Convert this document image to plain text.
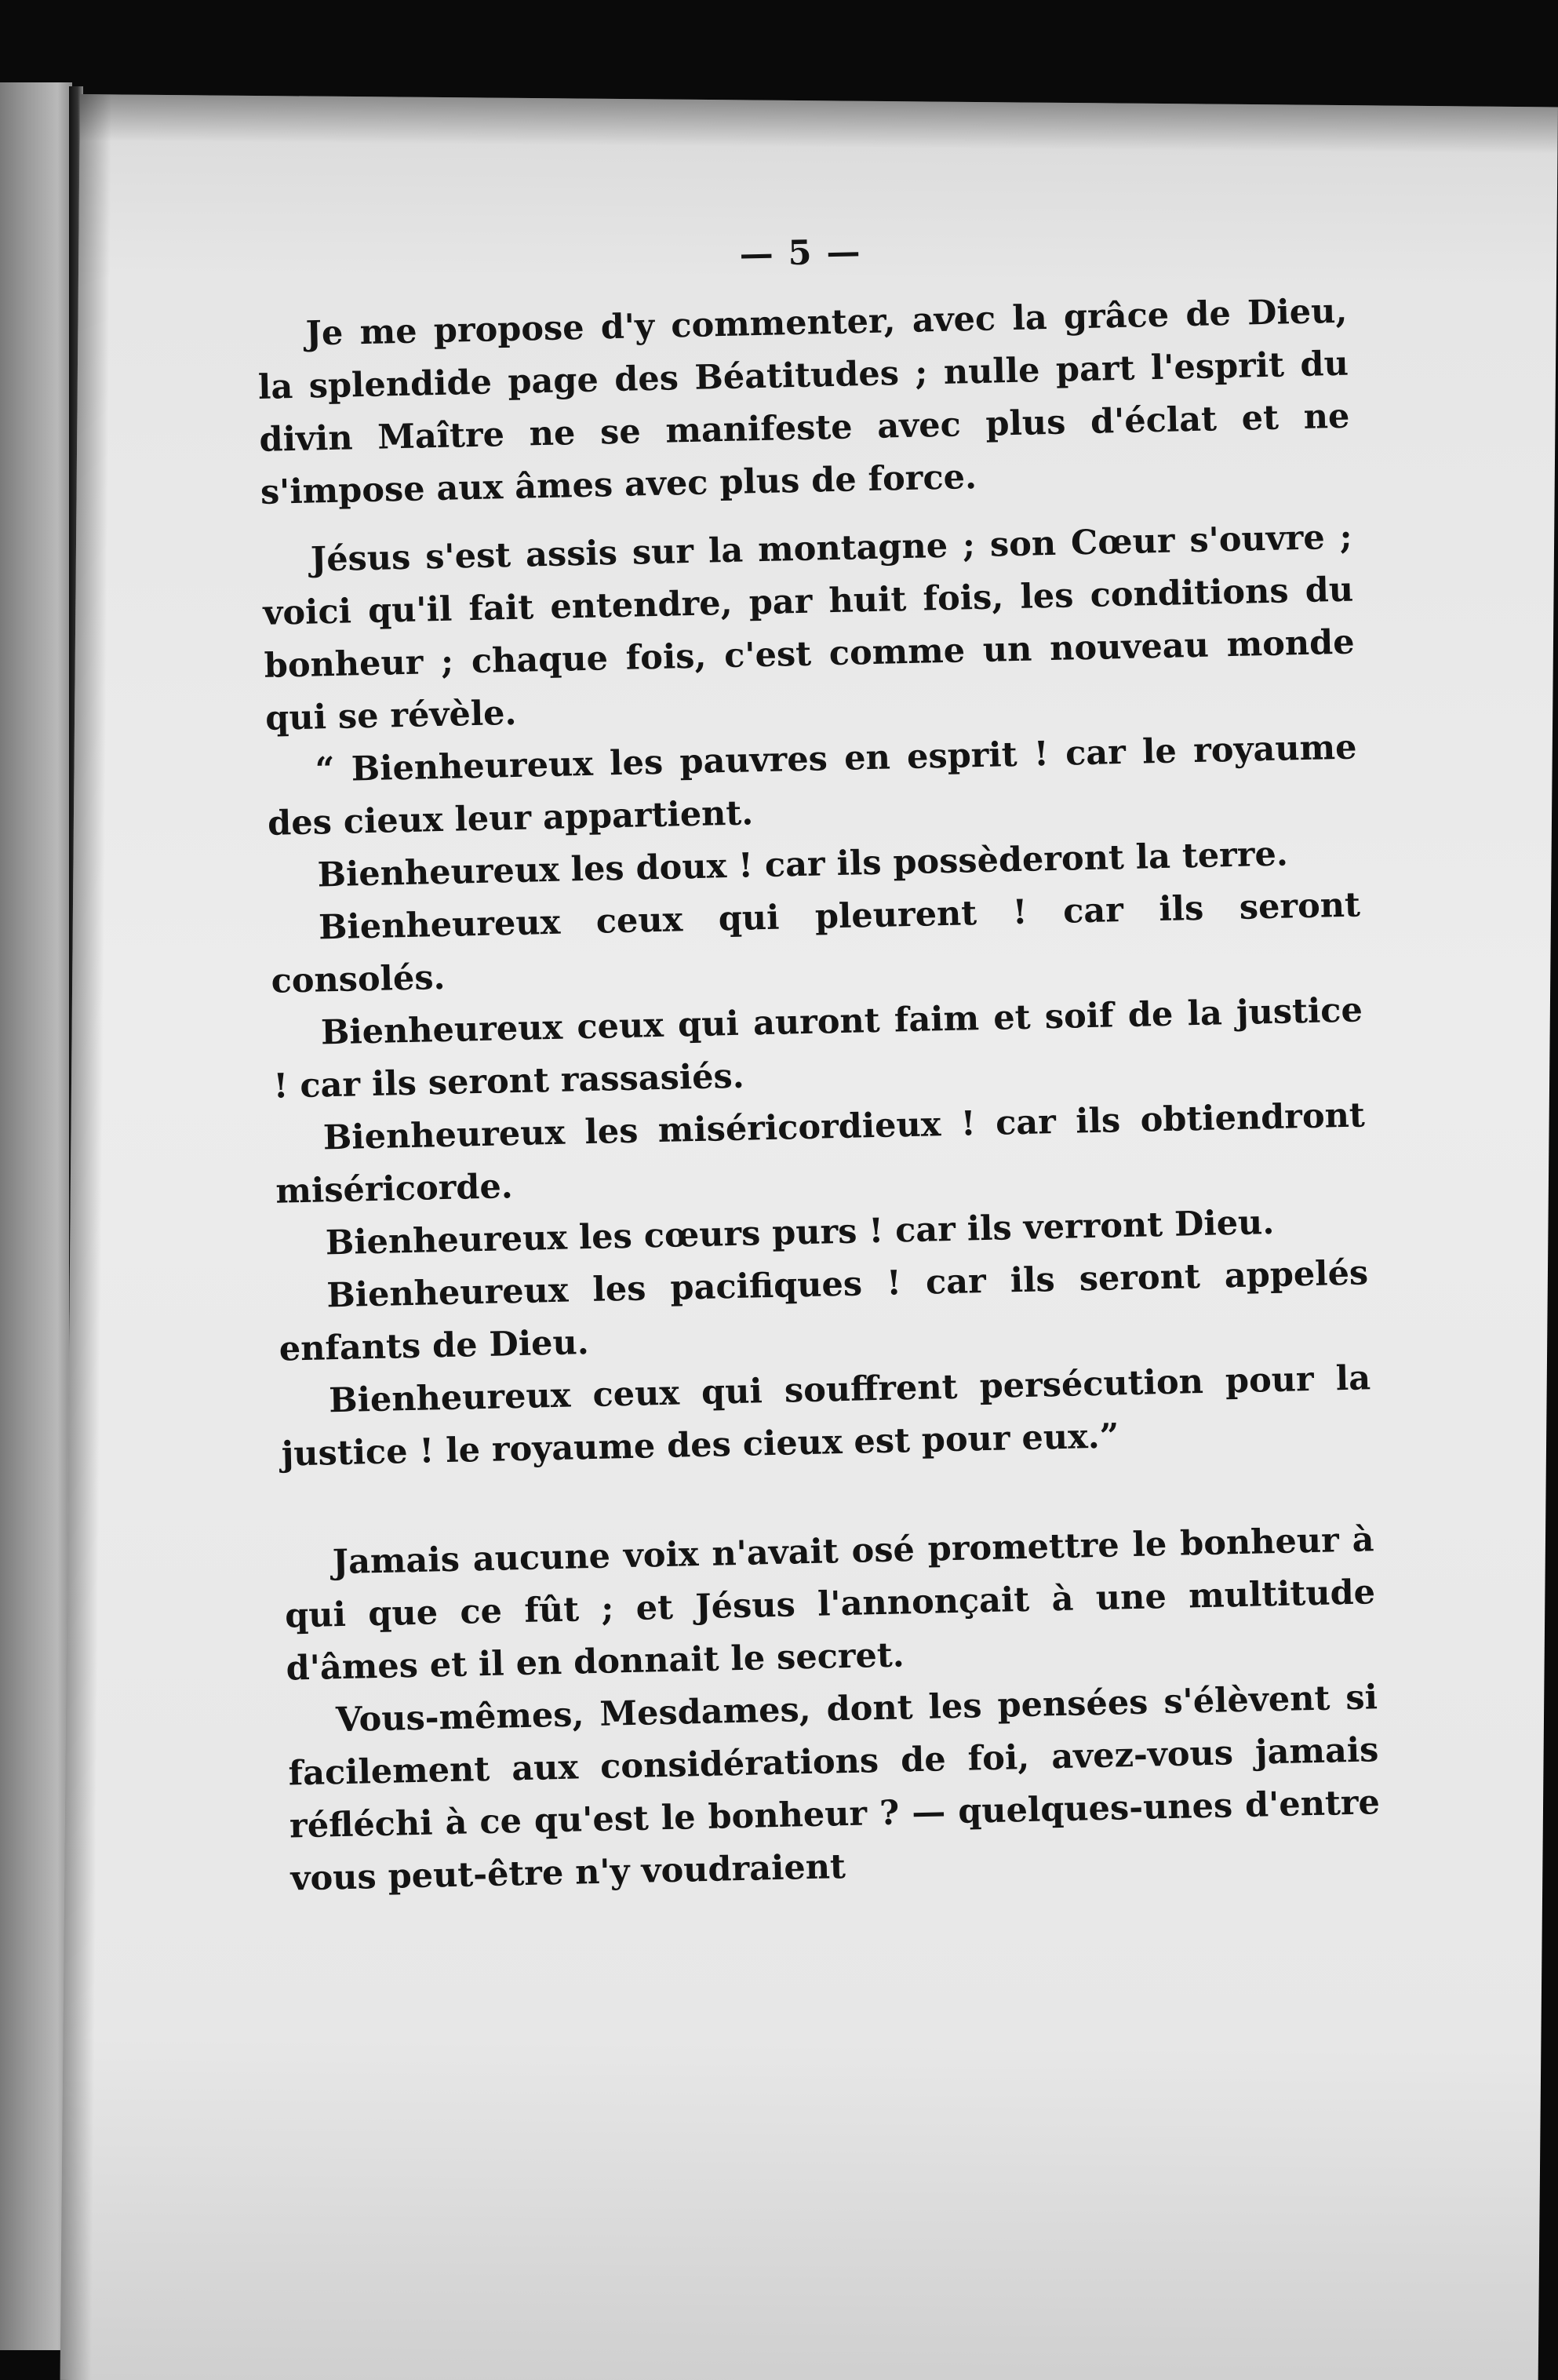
— 5 —

Je me propose d'y commenter, avec la grâce de Dieu, la splendide page des Béatitudes ; nulle part l'esprit du divin Maître ne se manifeste avec plus d'éclat et ne s'impose aux âmes avec plus de force.

Jésus s'est assis sur la montagne ; son Cœur s'ouvre ; voici qu'il fait entendre, par huit fois, les conditions du bonheur ; chaque fois, c'est comme un nouveau monde qui se révèle.

“ Bienheureux les pauvres en esprit ! car le royaume des cieux leur appartient.

Bienheureux les doux ! car ils possèderont la terre.

Bienheureux ceux qui pleurent ! car ils seront consolés.

Bienheureux ceux qui auront faim et soif de la justice ! car ils seront rassasiés.

Bienheureux les miséricordieux ! car ils obtiendront miséricorde.

Bienheureux les cœurs purs ! car ils verront Dieu.

Bienheureux les pacifiques ! car ils seront appelés enfants de Dieu.

Bienheureux ceux qui souffrent persécution pour la justice ! le royaume des cieux est pour eux.”

Jamais aucune voix n'avait osé promettre le bonheur à qui que ce fût ; et Jésus l'annonçait à une multitude d'âmes et il en donnait le secret.

Vous-mêmes, Mesdames, dont les pensées s'élèvent si facilement aux considérations de foi, avez-vous jamais réfléchi à ce qu'est le bonheur ? — quelques-unes d'entre vous peut-être n'y voudraient
